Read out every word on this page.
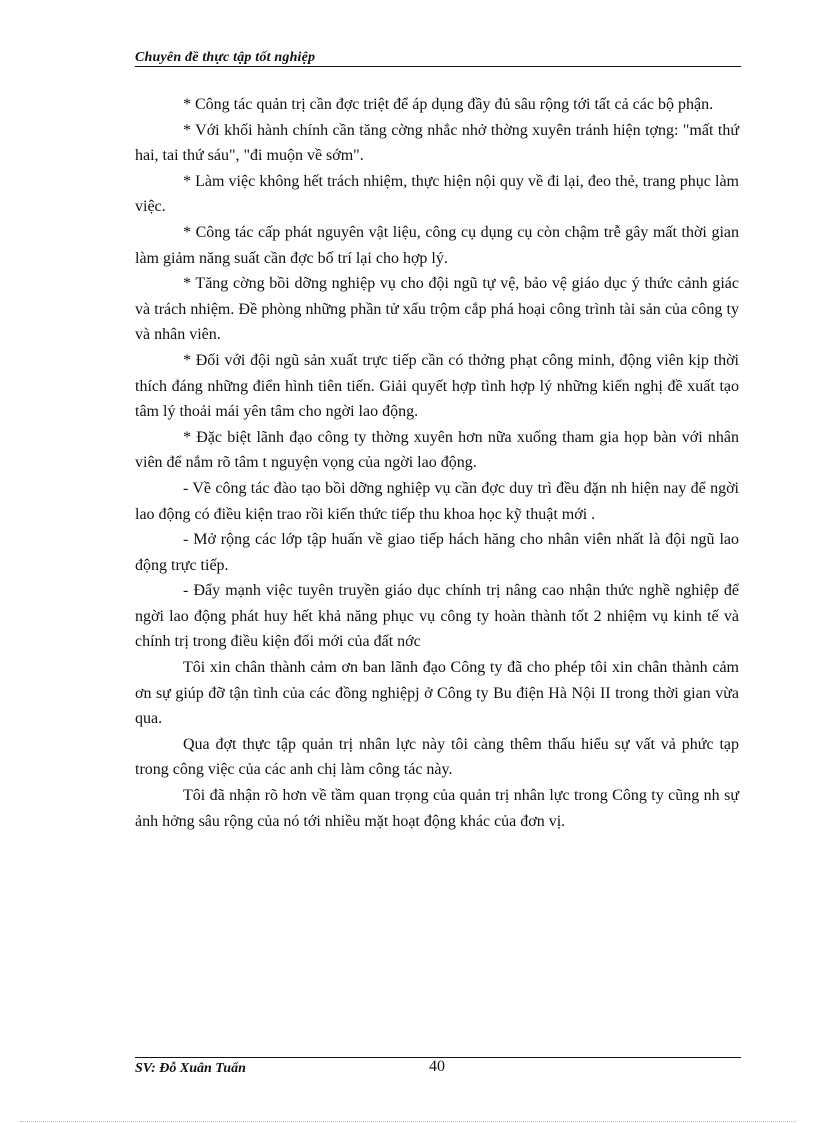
Chuyên đề thực tập tốt nghiệp

* Công tác quản trị cần đợc triệt để áp dụng đầy đủ sâu rộng tới tất cả các bộ phận.

* Với khối hành chính cần tăng cờng nhắc nhở thờng xuyên tránh hiện tợng: "mất thứ hai, tai thứ sáu", "đi muộn về sớm".

* Làm việc không hết trách nhiệm, thực hiện nội quy về đi lại, đeo thẻ, trang phục làm việc.

* Công tác cấp phát nguyên vật liệu, công cụ dụng cụ còn chậm trễ gây mất thời gian làm giảm năng suất cần đợc bố trí lại cho hợp lý.

* Tăng cờng bồi dỡng nghiệp vụ cho đội ngũ tự vệ, bảo vệ giáo dục ý thức cảnh giác và trách nhiệm. Đề phòng những phần tử xấu trộm cắp phá hoại công trình tài sản của công ty và nhân viên.

* Đối với đội ngũ sản xuất trực tiếp cần có thởng phạt công minh, động viên kịp thời thích đáng những điển hình tiên tiến. Giải quyết hợp tình hợp lý những kiến nghị đề xuất tạo tâm lý thoải mái yên tâm cho ngời lao động.

* Đặc biệt lãnh đạo công ty thờng xuyên hơn nữa xuống tham gia họp bàn với nhân viên để nắm rõ tâm t nguyện vọng của ngời lao động.

- Về công tác đào tạo bồi dỡng nghiệp vụ cần đợc duy trì đều đặn nh hiện nay để ngời lao động có điều kiện trao rồi kiến thức tiếp thu khoa học kỹ thuật mới .

- Mở rộng các lớp tập huấn về giao tiếp hách hăng cho nhân viên nhất là đội ngũ lao động trực tiếp.

- Đẩy mạnh việc tuyên truyền giáo dục chính trị nâng cao nhận thức nghề nghiệp để ngời lao động phát huy hết khả năng phục vụ công ty hoàn thành tốt 2 nhiệm vụ kinh tế và chính trị trong điều kiện đổi mới của đất nớc

Tôi xin chân thành cảm ơn ban lãnh đạo Công ty đã cho phép tôi xin chân thành cảm ơn sự giúp đỡ tận tình của các đồng nghiệpj ở Công ty Bu điện Hà Nội II trong thời gian vừa qua.

Qua đợt thực tập quản trị nhân lực này tôi càng thêm thấu hiểu sự vất vả phức tạp trong công việc của các anh chị làm công tác này.

Tôi đã nhận rõ hơn về tầm quan trọng của quản trị nhân lực trong Công ty cũng nh sự ảnh hởng sâu rộng của nó tới nhiều mặt hoạt động khác của đơn vị.

SV: Đỗ Xuân Tuấn	40
